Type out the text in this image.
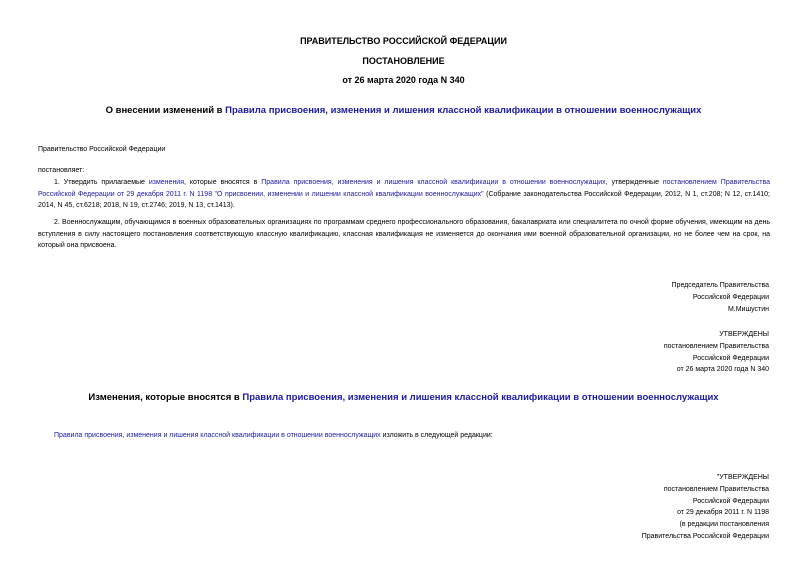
ПРАВИТЕЛЬСТВО РОССИЙСКОЙ ФЕДЕРАЦИИ
ПОСТАНОВЛЕНИЕ
от 26 марта 2020 года N 340
О внесении изменений в Правила присвоения, изменения и лишения классной квалификации в отношении военнослужащих
Правительство Российской Федерации
постановляет:
1. Утвердить прилагаемые изменения, которые вносятся в Правила присвоения, изменения и лишения классной квалификации в отношении военнослужащих, утвержденные постановлением Правительства Российской Федерации от 29 декабря 2011 г. N 1198 "О присвоении, изменении и лишении классной квалификации военнослужащих" (Собрание законодательства Российской Федерации, 2012, N 1, ст.208; N 12, ст.1410; 2014, N 45, ст.6218; 2018, N 19, ст.2746; 2019, N 13, ст.1413).
2. Военнослужащим, обучающимся в военных образовательных организациях по программам среднего профессионального образования, бакалавриата или специалитета по очной форме обучения, имеющим на день вступления в силу настоящего постановления соответствующую классную квалификацию, классная квалификация не изменяется до окончания ими военной образовательной организации, но не более чем на срок, на который она присвоена.
Председатель Правительства
Российской Федерации
М.Мишустин
УТВЕРЖДЕНЫ
постановлением Правительства
Российской Федерации
от 26 марта 2020 года N 340
Изменения, которые вносятся в Правила присвоения, изменения и лишения классной квалификации в отношении военнослужащих
Правила присвоения, изменения и лишения классной квалификации в отношении военнослужащих изложить в следующей редакции:
"УТВЕРЖДЕНЫ
постановлением Правительства
Российской Федерации
от 29 декабря 2011 г. N 1198
(в редакции постановления
Правительства Российской Федерации
